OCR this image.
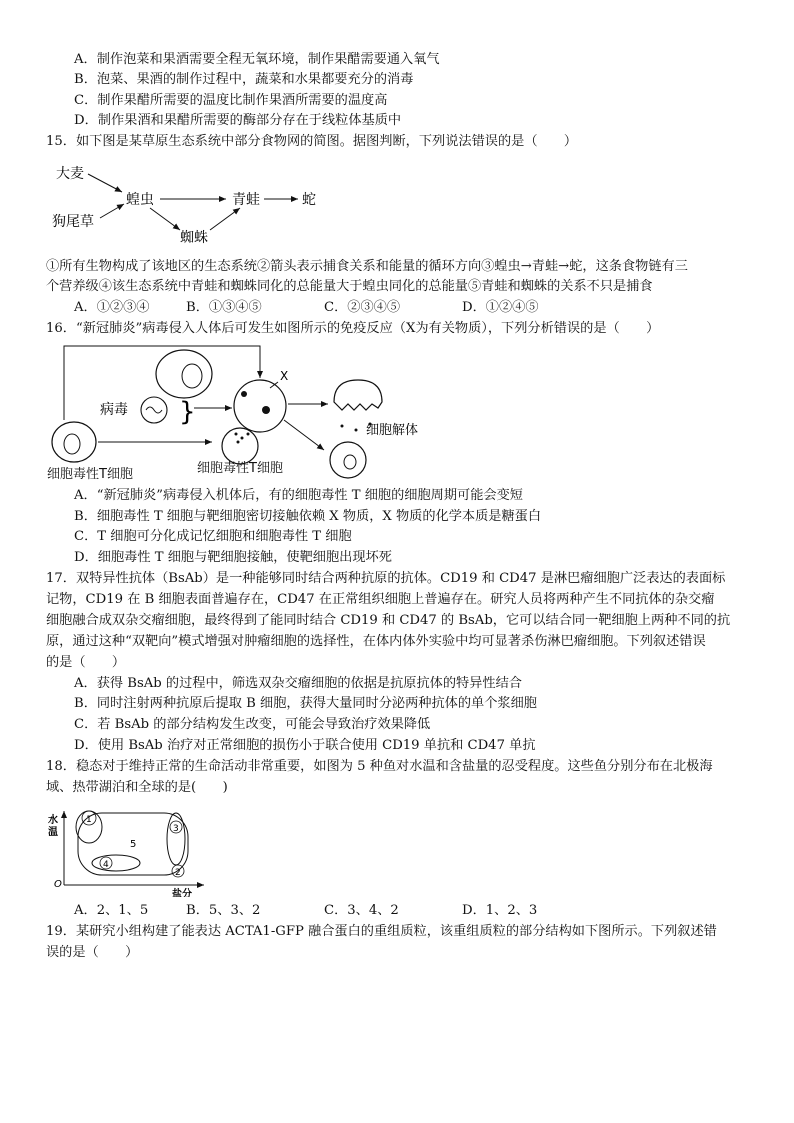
A．制作泡菜和果酒需要全程无氧环境，制作果醋需要通入氧气
B．泡菜、果酒的制作过程中，蔬菜和水果都要充分的消毒
C．制作果醋所需要的温度比制作果酒所需要的温度高
D．制作果酒和果醋所需要的酶部分存在于线粒体基质中
15．如下图是某草原生态系统中部分食物网的简图。据图判断，下列说法错误的是（　　）
大麦
狗尾草
蝗虫	青蛙	蛇
蜘蛛
①所有生物构成了该地区的生态系统②箭头表示捕食关系和能量的循环方向③蝗虫→青蛙→蛇，这条食物链有三
个营养级④该生态系统中青蛙和蜘蛛同化的总能量大于蝗虫同化的总能量⑤青蛙和蜘蛛的关系不只是捕食
A．①②③④	B．①③④⑤	C．②③④⑤	D．①②④⑤
16．“新冠肺炎”病毒侵入人体后可发生如图所示的免疫反应（X为有关物质），下列分析错误的是（　　）
病毒 }
X
细胞解体
细胞毒性T细胞	细胞毒性T细胞
A．“新冠肺炎”病毒侵入机体后，有的细胞毒性 T 细胞的细胞周期可能会变短
B．细胞毒性 T 细胞与靶细胞密切接触依赖 X 物质，X 物质的化学本质是糖蛋白
C．T 细胞可分化成记忆细胞和细胞毒性 T 细胞
D．细胞毒性 T 细胞与靶细胞接触，使靶细胞出现坏死
17．双特异性抗体（BsAb）是一种能够同时结合两种抗原的抗体。CD19 和 CD47 是淋巴瘤细胞广泛表达的表面标
记物，CD19 在 B 细胞表面普遍存在，CD47 在正常组织细胞上普遍存在。研究人员将两种产生不同抗体的杂交瘤
细胞融合成双杂交瘤细胞，最终得到了能同时结合 CD19 和 CD47 的 BsAb，它可以结合同一靶细胞上两种不同的抗
原，通过这种“双靶向”模式增强对肿瘤细胞的选择性，在体内体外实验中均可显著杀伤淋巴瘤细胞。下列叙述错误
的是（　　）
A．获得 BsAb 的过程中，筛选双杂交瘤细胞的依据是抗原抗体的特异性结合
B．同时注射两种抗原后提取 B 细胞，获得大量同时分泌两种抗体的单个浆细胞
C．若 BsAb 的部分结构发生改变，可能会导致治疗效果降低
D．使用 BsAb 治疗对正常细胞的损伤小于联合使用 CD19 单抗和 CD47 单抗
18．稳态对于维持正常的生命活动非常重要，如图为 5 种鱼对水温和含盐量的忍受程度。这些鱼分别分布在北极海
域、热带湖泊和全球的是(　　)
水
温
O
5
1
3
4
2
盐分
A．2、1、5	B．5、3、2	C．3、4、2	D．1、2、3
19．某研究小组构建了能表达 ACTA1-GFP 融合蛋白的重组质粒，该重组质粒的部分结构如下图所示。下列叙述错
误的是（　　）
